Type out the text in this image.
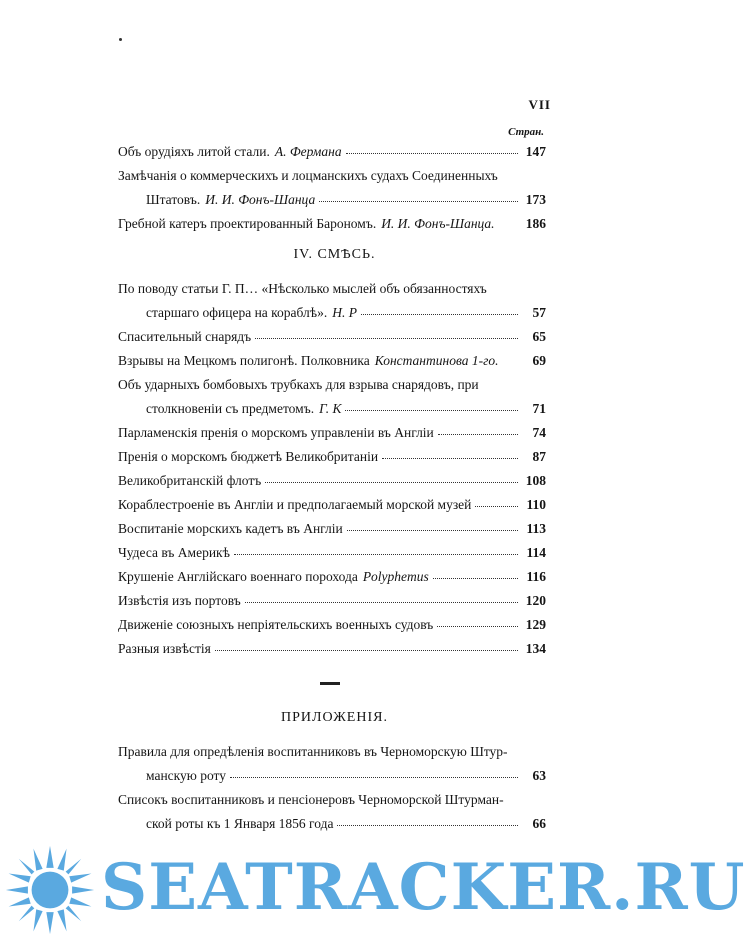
VII
Стран.
Объ орудіяхъ литой стали. А. Фермана	147
Замѣчанія о коммерческихъ и лоцманскихъ судахъ Соединенныхъ
Штатовъ. И. И. Фонъ-Шанца	173
Гребной катеръ проектированный Барономъ. И. И. Фонъ-Шанца. 186
IV. СМѢСЬ.
По поводу статьи Г. П… «Нѣсколько мыслей объ обязанностяхъ
старшаго офицера на кораблѣ». Н. Р	57
Спасительный снарядъ	65
Взрывы на Мецкомъ полигонѣ. Полковника Константинова 1-го.	69
Объ ударныхъ бомбовыхъ трубкахъ для взрыва снарядовъ, при
столкновеніи съ предметомъ. Г. К	71
Парламенскія пренія о морскомъ управленіи въ Англіи	74
Пренія о морскомъ бюджетѣ Великобританіи	87
Великобританскій флотъ	108
Кораблестроеніе въ Англіи и предполагаемый морской музей	110
Воспитаніе морскихъ кадетъ въ Англіи	113
Чудеса въ Америкѣ	114
Крушеніе Англійскаго военнаго порохода Polyphemus	116
Извѣстія изъ портовъ	120
Движеніе союзныхъ непріятельскихъ военныхъ судовъ	129
Разныя извѣстія	134
ПРИЛОЖЕНІЯ.
Правила для опредѣленія воспитанниковъ въ Черноморскую Штур-
манскую роту	63
Списокъ воспитанниковъ и пенсіонеровъ Черноморской Штурман-
ской роты къ 1 Января 1856 года	66
SEATRACKER.RU
